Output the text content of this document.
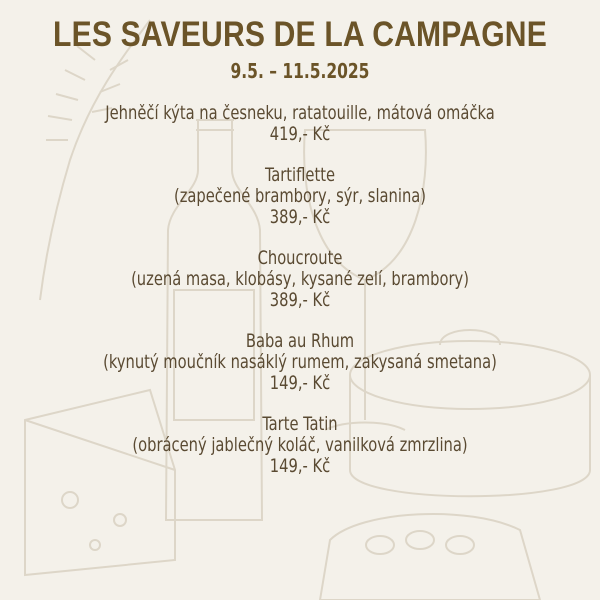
LES SAVEURS DE LA CAMPAGNE
9.5. – 11.5.2025
Jehněčí kýta na česneku, ratatouille, mátová omáčka
419,- Kč
Tartiflette
(zapečené brambory, sýr, slanina)
389,- Kč
Choucroute
(uzená masa, klobásy, kysané zelí, brambory)
389,- Kč
Baba au Rhum
(kynutý moučník nasáklý rumem, zakysaná smetana)
149,- Kč
Tarte Tatin
(obrácený jablečný koláč, vanilková zmrzlina)
149,- Kč
